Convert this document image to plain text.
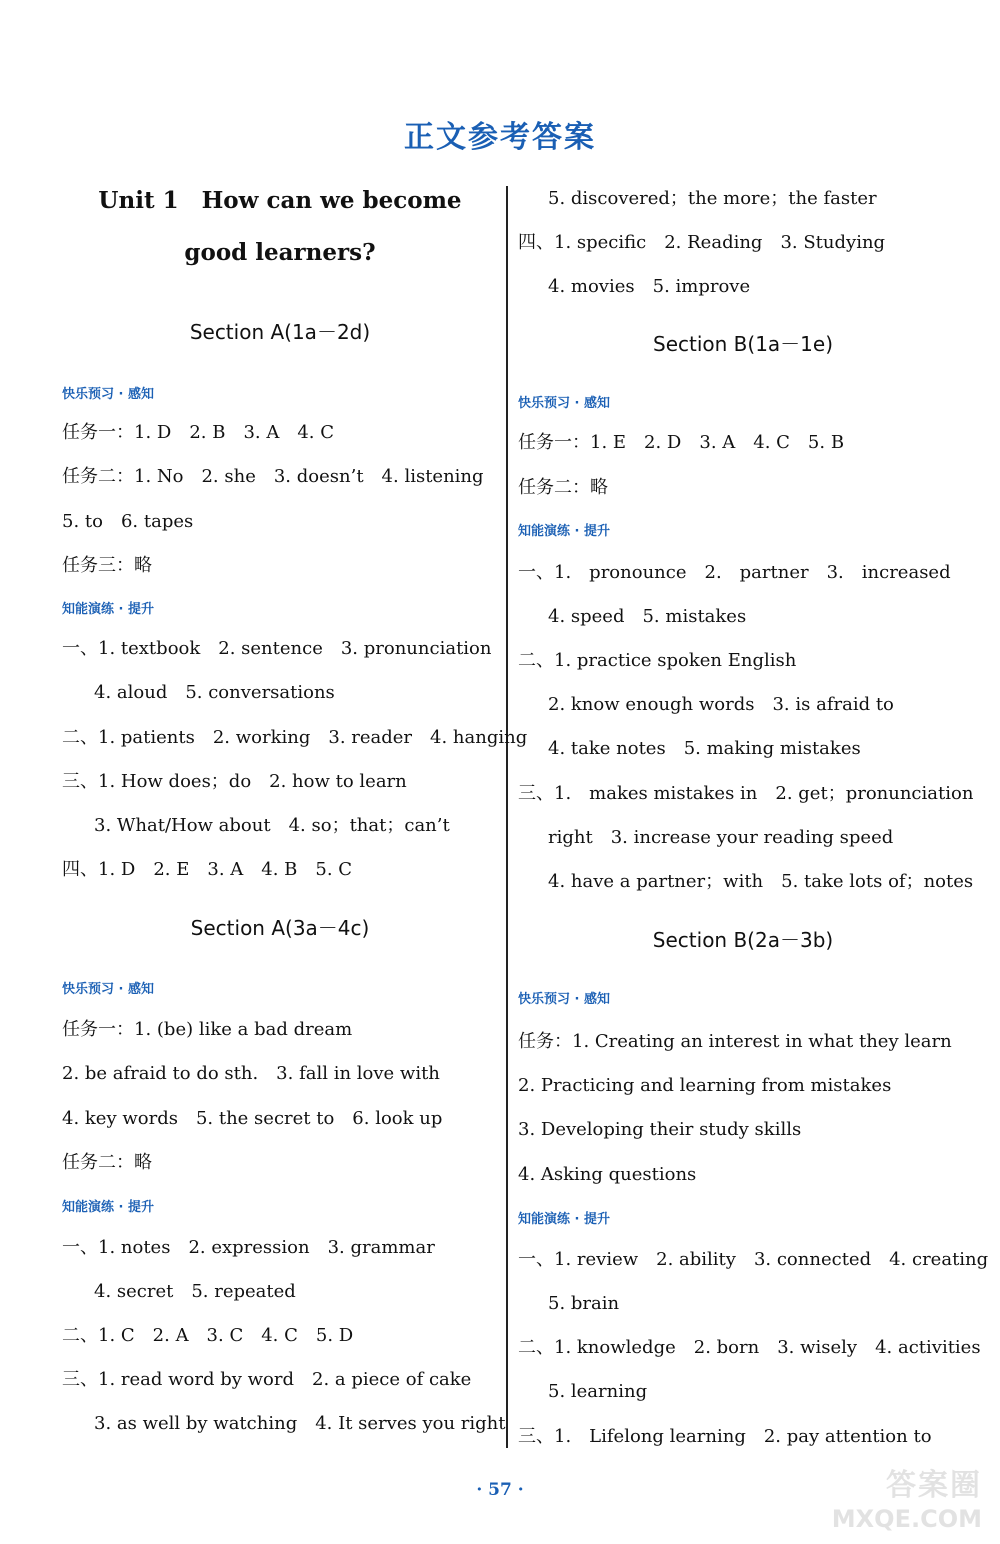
正文参考答案
Unit 1　How can we become
good learners?
Section A(1a－2d)
快乐预习 · 感知
任务一：1. D　2. B　3. A　4. C
任务二：1. No　2. she　3. doesn’t　4. listening
5. to　6. tapes
任务三：略
知能演练 · 提升
一、1. textbook　2. sentence　3. pronunciation
4. aloud　5. conversations
二、1. patients　2. working　3. reader　4. hanging
三、1. How does；do　2. how to learn
3. What/How about　4. so；that；can’t
四、1. D　2. E　3. A　4. B　5. C
Section A(3a－4c)
快乐预习 · 感知
任务一：1. (be) like a bad dream
2. be afraid to do sth.　3. fall in love with
4. key words　5. the secret to　6. look up
任务二：略
知能演练 · 提升
一、1. notes　2. expression　3. grammar
4. secret　5. repeated
二、1. C　2. A　3. C　4. C　5. D
三、1. read word by word　2. a piece of cake
3. as well by watching　4. It serves you right
5. discovered；the more；the faster
四、1. specific　2. Reading　3. Studying
4. movies　5. improve
Section B(1a－1e)
快乐预习 · 感知
任务一：1. E　2. D　3. A　4. C　5. B
任务二：略
知能演练 · 提升
一、1.　pronounce　2.　partner　3.　increased
4. speed　5. mistakes
二、1. practice spoken English
2. know enough words　3. is afraid to
4. take notes　5. making mistakes
三、1.　makes mistakes in　2. get；pronunciation
right　3. increase your reading speed
4. have a partner；with　5. take lots of；notes
Section B(2a－3b)
快乐预习 · 感知
任务：1. Creating an interest in what they learn
2. Practicing and learning from mistakes
3. Developing their study skills
4. Asking questions
知能演练 · 提升
一、1. review　2. ability　3. connected　4. creating
5. brain
二、1. knowledge　2. born　3. wisely　4. activities
5. learning
三、1.　Lifelong learning　2. pay attention to
· 57 ·	答案圈
MXQE.COM
